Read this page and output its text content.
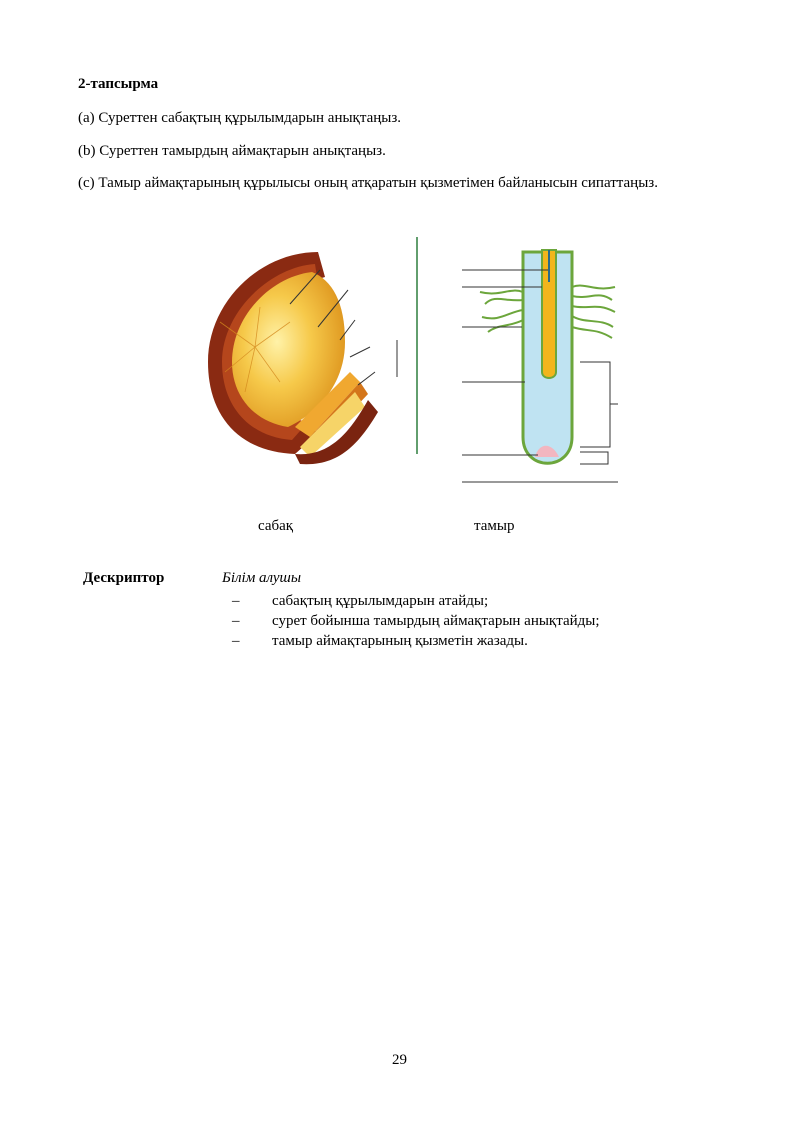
2-тапсырма

(a) Суреттен сабақтың құрылымдарын анықтаңыз.

(b) Суреттен тамырдың аймақтарын анықтаңыз.

(c) Тамыр аймақтарының құрылысы оның атқаратын қызметімен байланысын сипаттаңыз.

сабақ	тамыр
Дескриптор	Білім алушы
– сабақтың құрылымдарын атайды;
– сурет бойынша тамырдың аймақтарын анықтайды;
– тамыр аймақтарының қызметін жазады.
29
